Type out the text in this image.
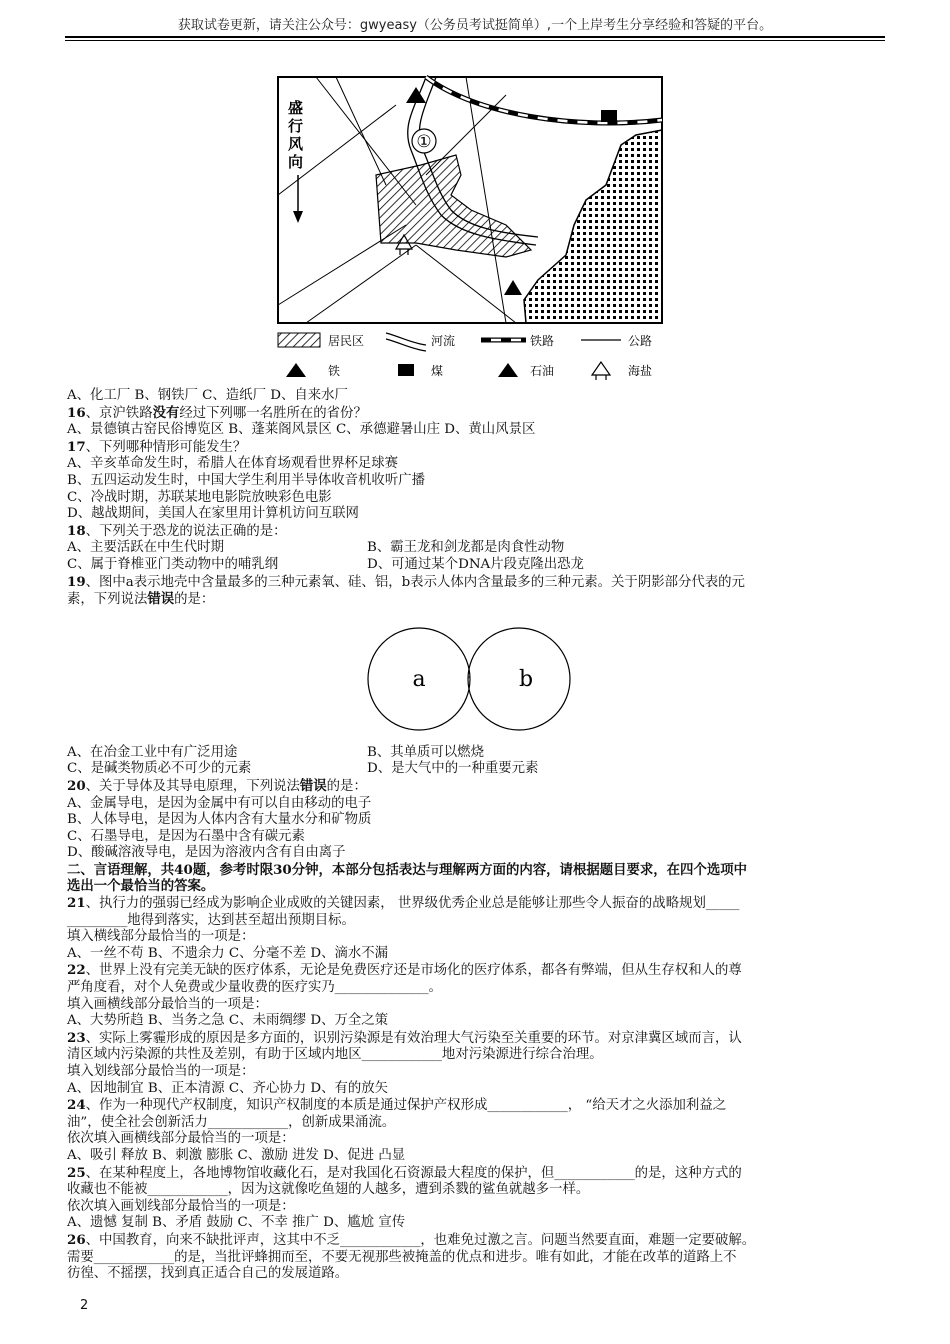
获取试卷更新，请关注公众号：gwyeasy（公务员考试挺简单）,一个上岸考生分享经验和答疑的平台。
①
盛
行
风
向
居民区	河流	铁路	公路
铁	煤	石油	海盐
a	b
A、化工厂 B、钢铁厂 C、造纸厂 D、自来水厂
16、京沪铁路没有经过下列哪一名胜所在的省份？
A、景德镇古窑民俗博览区 B、蓬莱阁风景区 C、承德避暑山庄 D、黄山风景区
17、下列哪种情形可能发生？
A、辛亥革命发生时，希腊人在体育场观看世界杯足球赛
B、五四运动发生时，中国大学生利用半导体收音机收听广播
C、冷战时期，苏联某地电影院放映彩色电影
D、越战期间，美国人在家里用计算机访问互联网
18、下列关于恐龙的说法正确的是：
A、主要活跃在中生代时期	B、霸王龙和剑龙都是肉食性动物
C、属于脊椎亚门类动物中的哺乳纲	D、可通过某个DNA片段克隆出恐龙
19、图中a表示地壳中含量最多的三种元素氧、硅、铝，b表示人体内含量最多的三种元素。关于阴影部分代表的元
素，下列说法错误的是：
A、在冶金工业中有广泛用途	B、其单质可以燃烧
C、是碱类物质必不可少的元素	D、是大气中的一种重要元素
20、关于导体及其导电原理，下列说法错误的是：
A、金属导电，是因为金属中有可以自由移动的电子
B、人体导电，是因为人体内含有大量水分和矿物质
C、石墨导电，是因为石墨中含有碳元素
D、酸碱溶液导电，是因为溶液内含有自由离子
二、言语理解，共40题，参考时限30分钟，本部分包括表达与理解两方面的内容，请根据题目要求，在四个选项中
选出一个最恰当的答案。
21、执行力的强弱已经成为影响企业成败的关键因素， 世界级优秀企业总是能够让那些令人振奋的战略规划_____
_________地得到落实，达到甚至超出预期目标。
填入横线部分最恰当的一项是：
A、一丝不苟 B、不遗余力 C、分毫不差 D、滴水不漏
22、世界上没有完美无缺的医疗体系，无论是免费医疗还是市场化的医疗体系，都各有弊端，但从生存权和人的尊
严角度看，对个人免费或少量收费的医疗实乃______________。
填入画横线部分最恰当的一项是：
A、大势所趋 B、当务之急 C、未雨绸缪 D、万全之策
23、实际上雾霾形成的原因是多方面的，识别污染源是有效治理大气污染至关重要的环节。对京津冀区域而言，认
清区域内污染源的共性及差别，有助于区域内地区____________地对污染源进行综合治理。
填入划线部分最恰当的一项是：
A、因地制宜 B、正本清源 C、齐心协力 D、有的放矢
24、作为一种现代产权制度，知识产权制度的本质是通过保护产权形成____________， “给天才之火添加利益之
油”，使全社会创新活力____________，创新成果涌流。
依次填入画横线部分最恰当的一项是：
A、吸引 释放 B、刺激 膨胀 C、激励 进发 D、促进 凸显
25、在某种程度上，各地博物馆收藏化石，是对我国化石资源最大程度的保护，但____________的是，这种方式的
收藏也不能被____________，因为这就像吃鱼翅的人越多，遭到杀戮的鲨鱼就越多一样。
依次填入画划线部分最恰当的一项是：
A、遗憾 复制 B、矛盾 鼓励 C、不幸 推广 D、尴尬 宣传
26、中国教育，向来不缺批评声，这其中不乏____________，也难免过激之言。问题当然要直面，难题一定要破解。
需要____________的是，当批评蜂拥而至，不要无视那些被掩盖的优点和进步。唯有如此，才能在改革的道路上不
彷徨、不摇摆，找到真正适合自己的发展道路。
2
